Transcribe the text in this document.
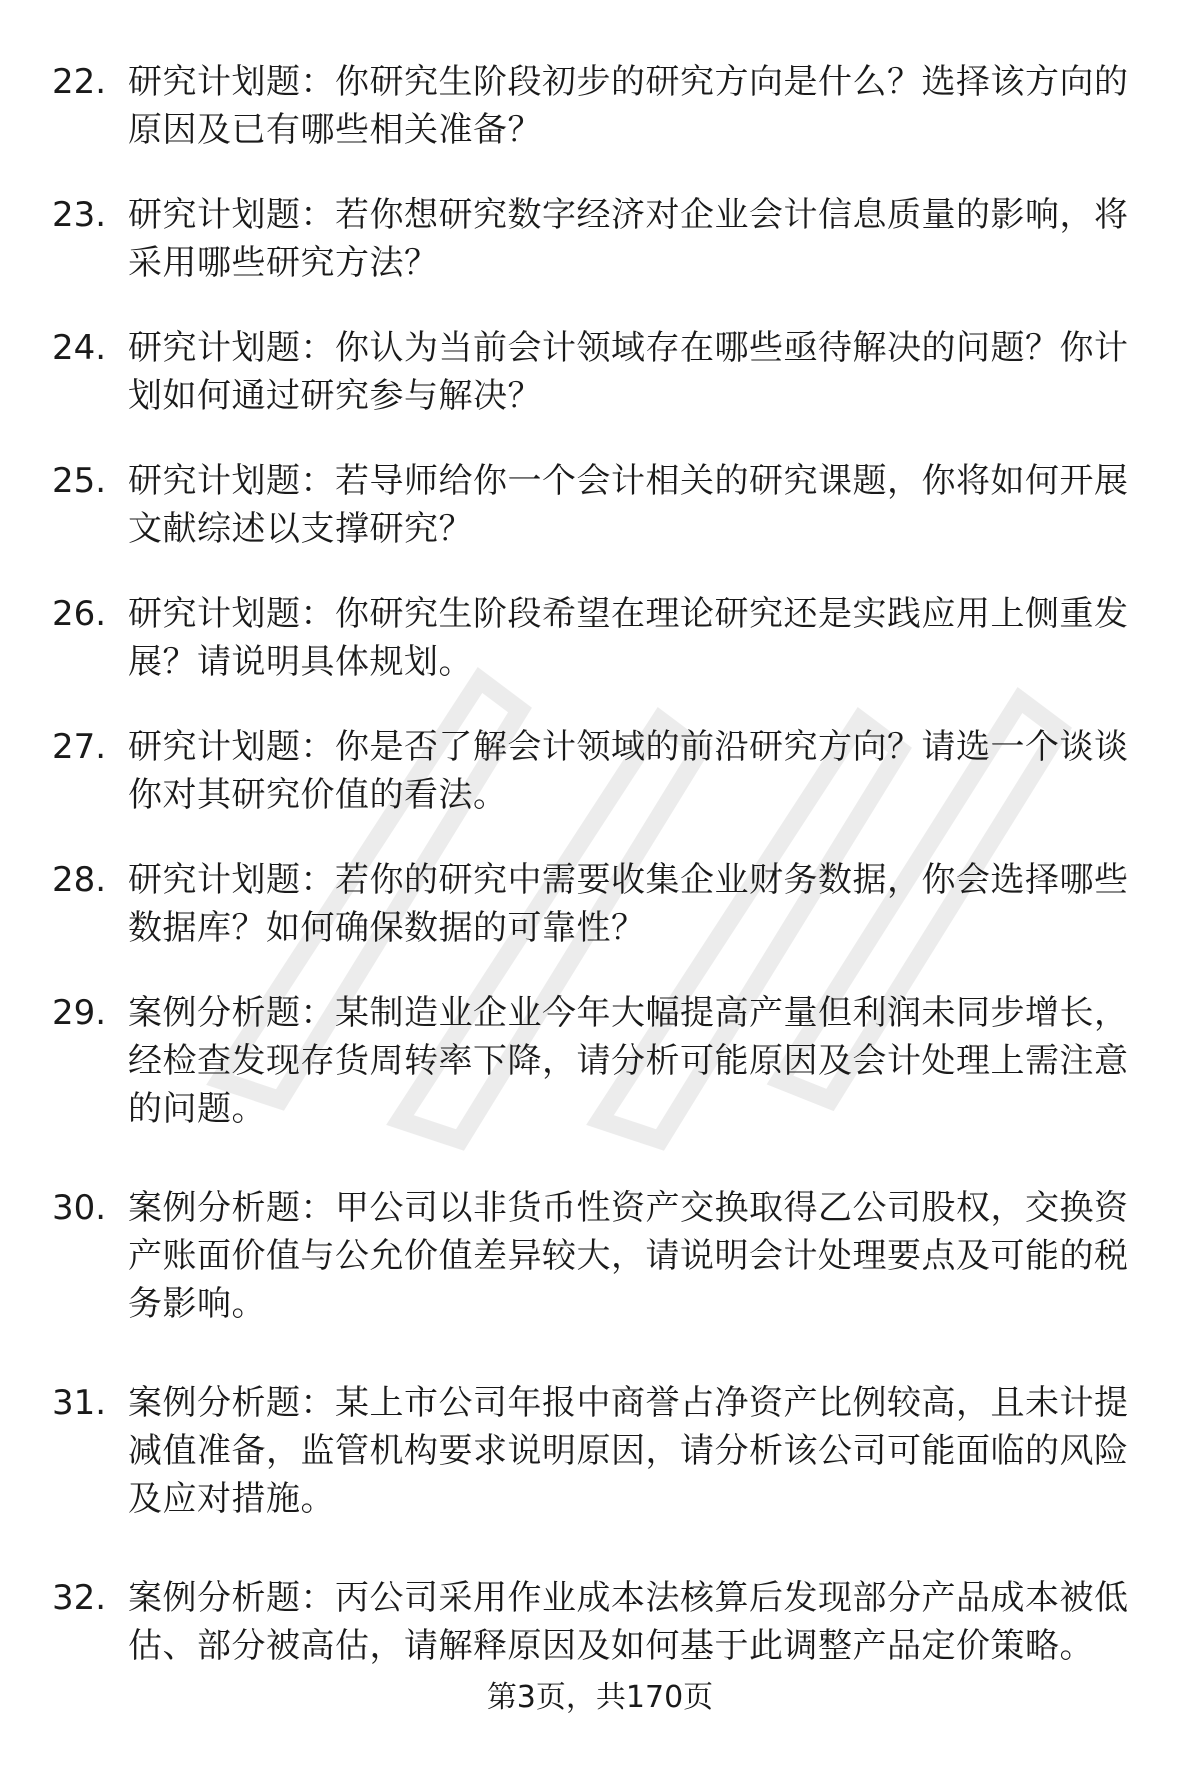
22. 研究计划题：你研究生阶段初步的研究方向是什么？选择该方向的原因及已有哪些相关准备？
23. 研究计划题：若你想研究数字经济对企业会计信息质量的影响，将采用哪些研究方法？
24. 研究计划题：你认为当前会计领域存在哪些亟待解决的问题？你计划如何通过研究参与解决？
25. 研究计划题：若导师给你一个会计相关的研究课题，你将如何开展文献综述以支撑研究？
26. 研究计划题：你研究生阶段希望在理论研究还是实践应用上侧重发展？请说明具体规划。
27. 研究计划题：你是否了解会计领域的前沿研究方向？请选一个谈谈你对其研究价值的看法。
28. 研究计划题：若你的研究中需要收集企业财务数据，你会选择哪些数据库？如何确保数据的可靠性？
29. 案例分析题：某制造业企业今年大幅提高产量但利润未同步增长，经检查发现存货周转率下降，请分析可能原因及会计处理上需注意的问题。
30. 案例分析题：甲公司以非货币性资产交换取得乙公司股权，交换资产账面价值与公允价值差异较大，请说明会计处理要点及可能的税务影响。
31. 案例分析题：某上市公司年报中商誉占净资产比例较高，且未计提减值准备，监管机构要求说明原因，请分析该公司可能面临的风险及应对措施。
32. 案例分析题：丙公司采用作业成本法核算后发现部分产品成本被低估、部分被高估，请解释原因及如何基于此调整产品定价策略。
第3页，共170页
